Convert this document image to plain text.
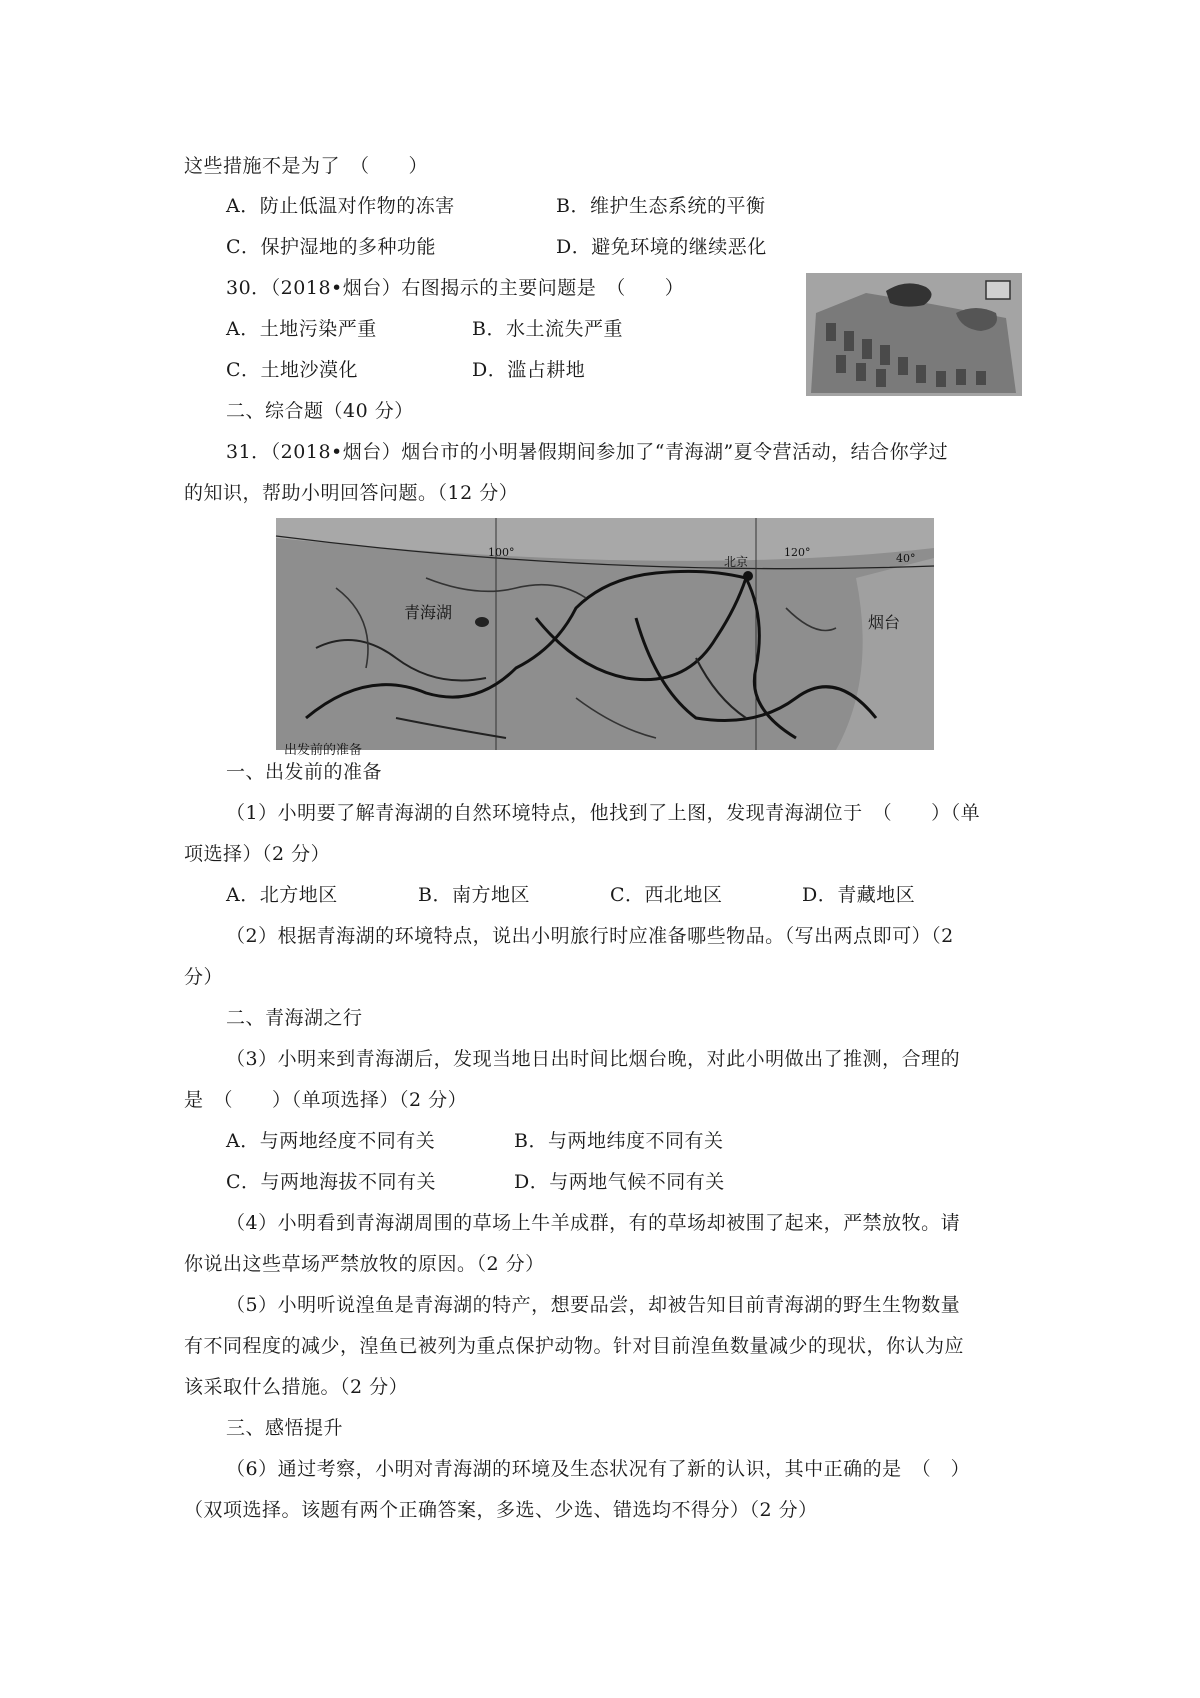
这些措施不是为了　（　　）
A．防止低温对作物的冻害	B．维护生态系统的平衡
C．保护湿地的多种功能	D．避免环境的继续恶化
30．（2018•烟台）右图揭示的主要问题是　（　　）
A．土地污染严重	B．水土流失严重
C．土地沙漠化	D．滥占耕地
二、综合题（40 分）
31．（2018•烟台）烟台市的小明暑假期间参加了“青海湖”夏令营活动，结合你学过
的知识，帮助小明回答问题。（12 分）
青海湖
烟台
北京
100°	120°	40°
出发前的准备
一、出发前的准备
（1）小明要了解青海湖的自然环境特点，他找到了上图，发现青海湖位于　（　　）（单
项选择）（2 分）
A．北方地区	B．南方地区	C．西北地区	D．青藏地区
（2）根据青海湖的环境特点，说出小明旅行时应准备哪些物品。（写出两点即可）（2
分）
二、青海湖之行
（3）小明来到青海湖后，发现当地日出时间比烟台晚，对此小明做出了推测，合理的
是　（　　）（单项选择）（2 分）
A．与两地经度不同有关	B．与两地纬度不同有关
C．与两地海拔不同有关	D．与两地气候不同有关
（4）小明看到青海湖周围的草场上牛羊成群，有的草场却被围了起来，严禁放牧。请
你说出这些草场严禁放牧的原因。（2 分）
（5）小明听说湟鱼是青海湖的特产，想要品尝，却被告知目前青海湖的野生生物数量
有不同程度的减少，湟鱼已被列为重点保护动物。针对目前湟鱼数量减少的现状，你认为应
该采取什么措施。（2 分）
三、感悟提升
（6）通过考察，小明对青海湖的环境及生态状况有了新的认识，其中正确的是　（　）
（双项选择。该题有两个正确答案，多选、少选、错选均不得分）（2 分）
